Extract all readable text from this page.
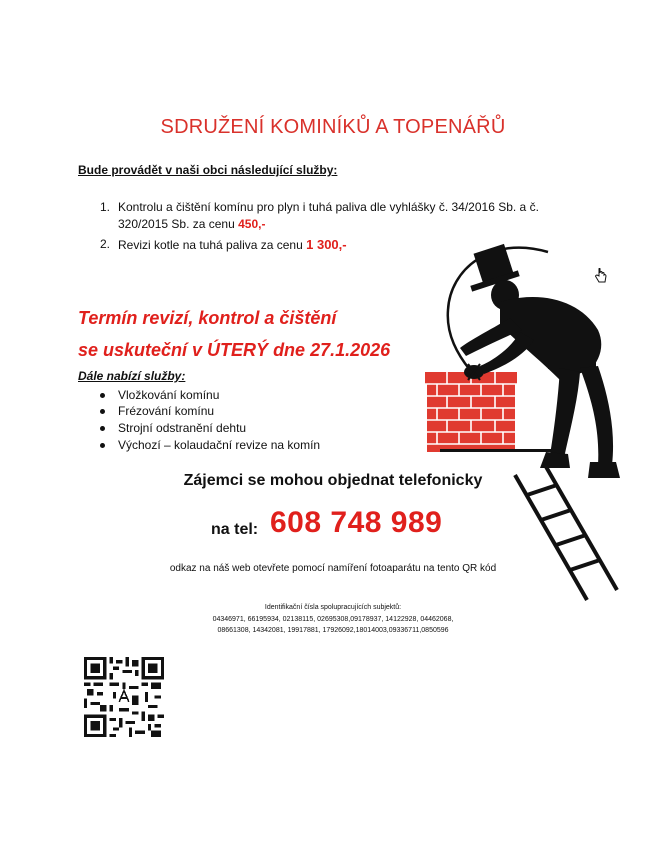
SDRUŽENÍ KOMINÍKŮ A TOPENÁŘŮ
Bude provádět v naši obci následující služby:
1. Kontrolu a čištění komínu pro plyn i tuhá paliva dle vyhlášky č. 34/2016 Sb. a č.
320/2015 Sb. za cenu 450,-
2. Revizi kotle na tuhá paliva za cenu 1 300,-
Termín revizí, kontrol a čištění
se uskuteční v ÚTERÝ dne 27.1.2026
Dále nabízí služby:
Vložkování komínu
Frézování komínu
Strojní odstranění dehtu
Výchozí – kolaudační revize na komín
Zájemci se mohou objednat telefonicky
na tel: 608 748 989
odkaz na náš web otevřete pomocí namíření fotoaparátu na tento QR kód
Identifikační čísla spolupracujících subjektů:
04346971, 66195934, 02138115, 02695308,09178937, 14122928, 04462068,
08661308, 14342081, 19917881, 17926092,18014003,09336711,0850596
